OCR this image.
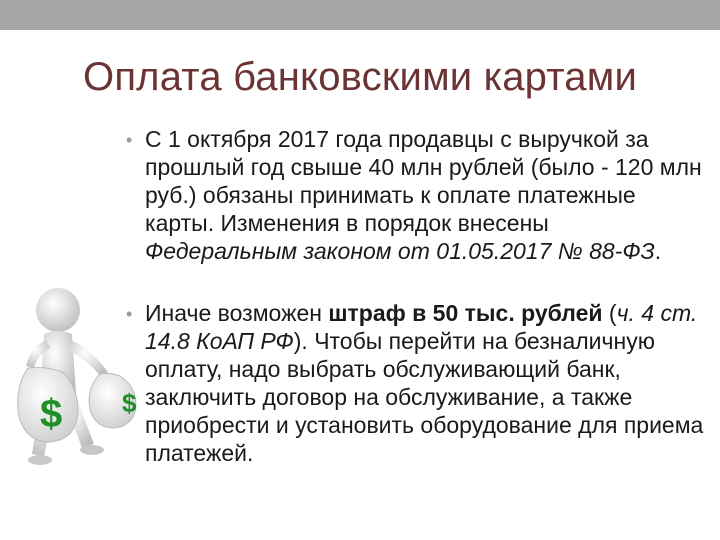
Оплата банковскими картами

• С 1 октября 2017 года продавцы с выручкой за прошлый год свыше 40 млн рублей (было - 120 млн руб.) обязаны принимать к оплате платежные карты. Изменения в порядок внесены Федеральным законом от 01.05.2017 № 88-ФЗ.

• Иначе возможен штраф в 50 тыс. рублей (ч. 4 ст. 14.8 КоАП РФ). Чтобы перейти на безналичную оплату, надо выбрать обслуживающий банк, заключить договор на обслуживание, а также приобрести и установить оборудование для приема платежей.

$ $
